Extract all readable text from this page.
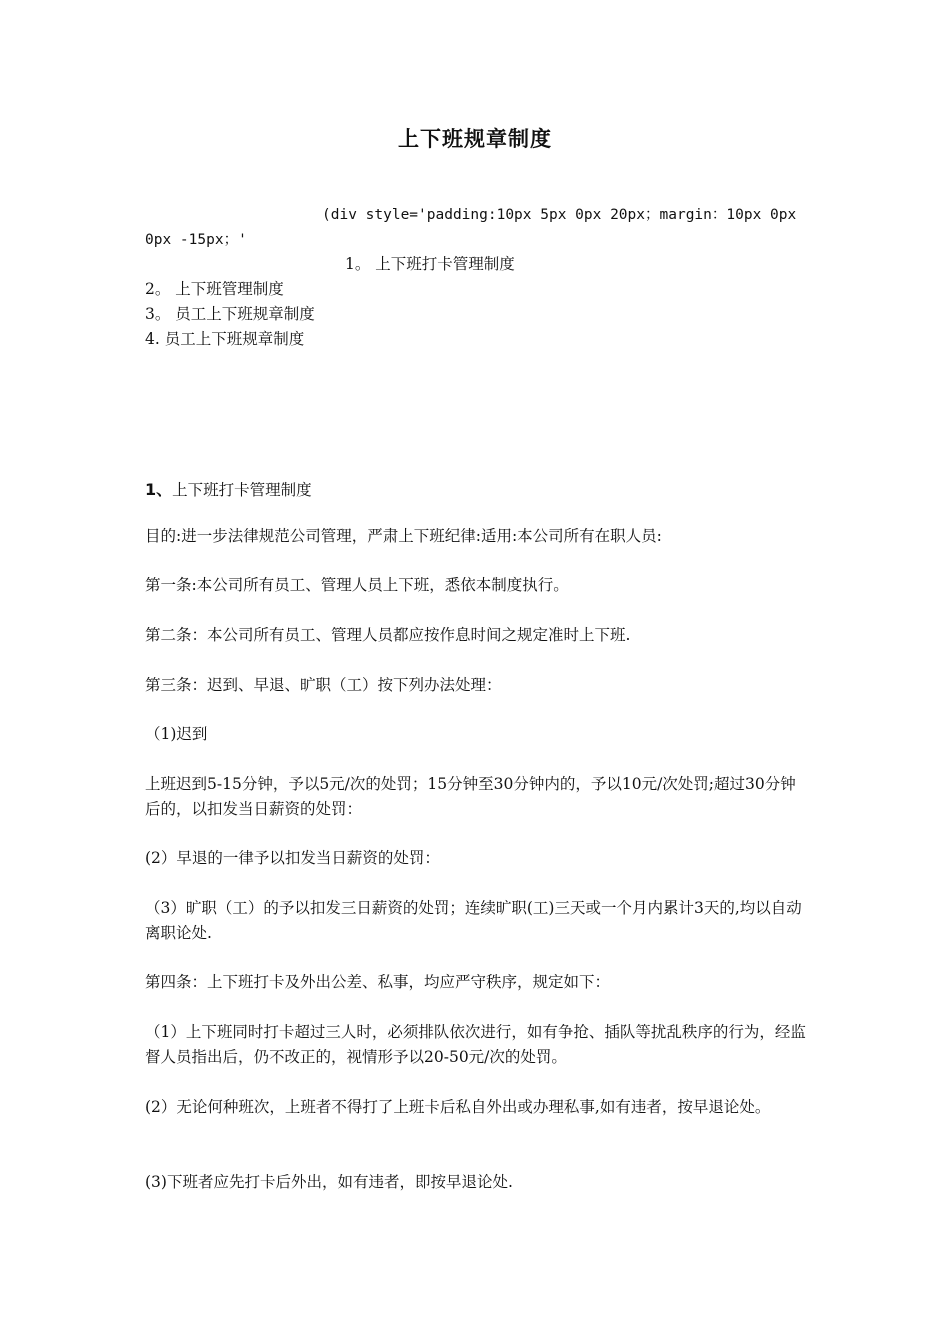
上下班规章制度
(div style='padding:10px 5px 0px 20px；margin：10px 0px
0px -15px；'
1。 上下班打卡管理制度
2。 上下班管理制度
3。 员工上下班规章制度
4. 员工上下班规章制度
1、上下班打卡管理制度
目的:进一步法律规范公司管理，严肃上下班纪律:适用:本公司所有在职人员:
第一条:本公司所有员工、管理人员上下班，悉依本制度执行。
第二条：本公司所有员工、管理人员都应按作息时间之规定准时上下班.
第三条：迟到、早退、旷职（工）按下列办法处理：
（1)迟到
上班迟到5-15分钟，予以5元/次的处罚；15分钟至30分钟内的，予以10元/次处罚;超过30分钟后的，以扣发当日薪资的处罚：
(2）早退的一律予以扣发当日薪资的处罚：
（3）旷职（工）的予以扣发三日薪资的处罚；连续旷职(工)三天或一个月内累计3天的,均以自动离职论处.
第四条：上下班打卡及外出公差、私事，均应严守秩序，规定如下：
（1）上下班同时打卡超过三人时，必须排队依次进行，如有争抢、插队等扰乱秩序的行为，经监督人员指出后，仍不改正的，视情形予以20-50元/次的处罚。
(2）无论何种班次，上班者不得打了上班卡后私自外出或办理私事,如有违者，按早退论处。
(3)下班者应先打卡后外出，如有违者，即按早退论处.
